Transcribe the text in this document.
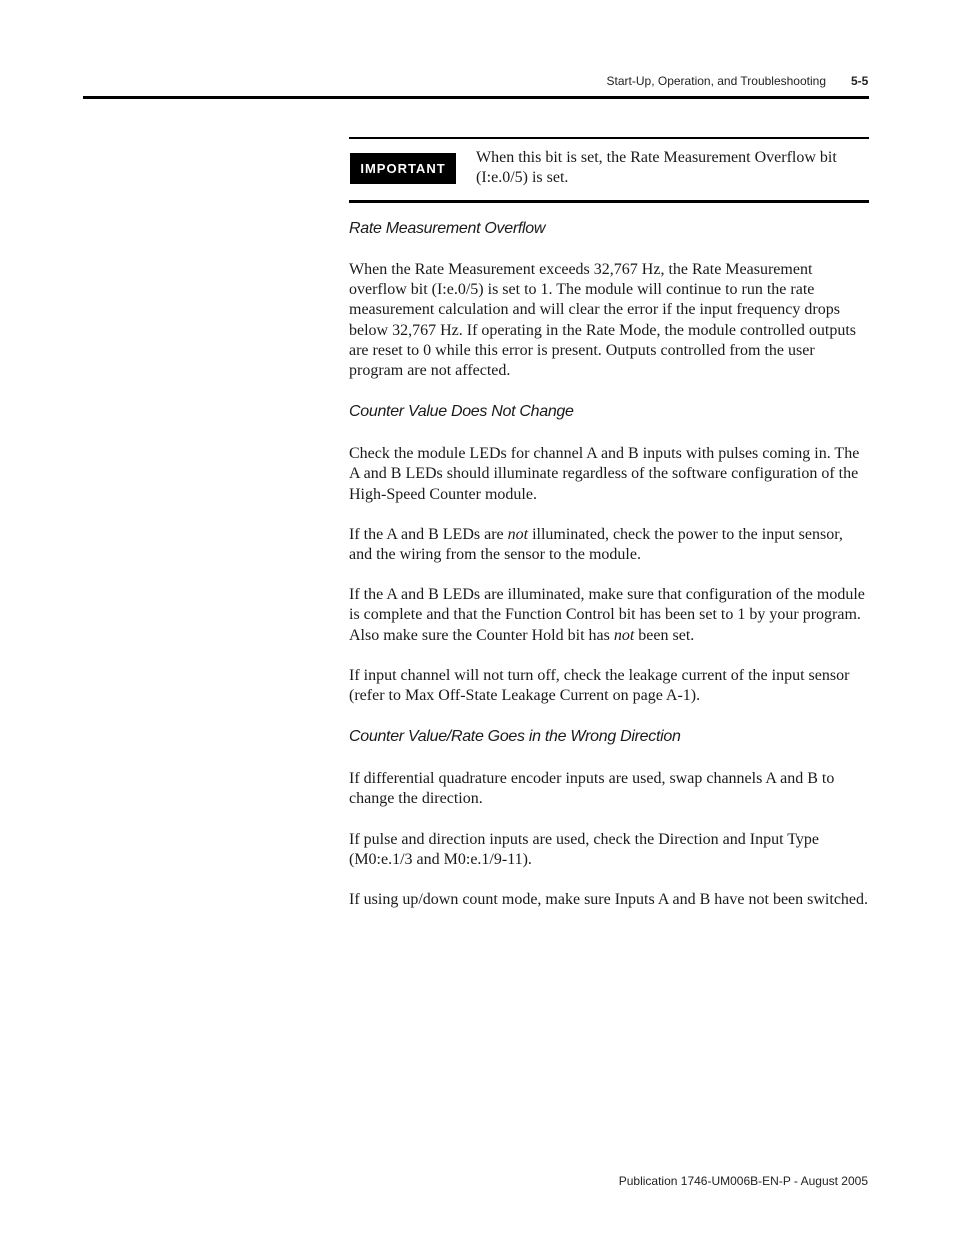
Start-Up, Operation, and Troubleshooting 5-5
IMPORTANT
When this bit is set, the Rate Measurement Overflow bit (I:e.0/5) is set.
Rate Measurement Overflow

When the Rate Measurement exceeds 32,767 Hz, the Rate Measurement overflow bit (I:e.0/5) is set to 1. The module will continue to run the rate measurement calculation and will clear the error if the input frequency drops below 32,767 Hz. If operating in the Rate Mode, the module controlled outputs are reset to 0 while this error is present. Outputs controlled from the user program are not affected.

Counter Value Does Not Change

Check the module LEDs for channel A and B inputs with pulses coming in. The A and B LEDs should illuminate regardless of the software configuration of the High-Speed Counter module.

If the A and B LEDs are not illuminated, check the power to the input sensor, and the wiring from the sensor to the module.

If the A and B LEDs are illuminated, make sure that configuration of the module is complete and that the Function Control bit has been set to 1 by your program. Also make sure the Counter Hold bit has not been set.

If input channel will not turn off, check the leakage current of the input sensor (refer to Max Off-State Leakage Current on page A-1).

Counter Value/Rate Goes in the Wrong Direction

If differential quadrature encoder inputs are used, swap channels A and B to change the direction.

If pulse and direction inputs are used, check the Direction and Input Type (M0:e.1/3 and M0:e.1/9-11).

If using up/down count mode, make sure Inputs A and B have not been switched.

Publication 1746-UM006B-EN-P - August 2005
